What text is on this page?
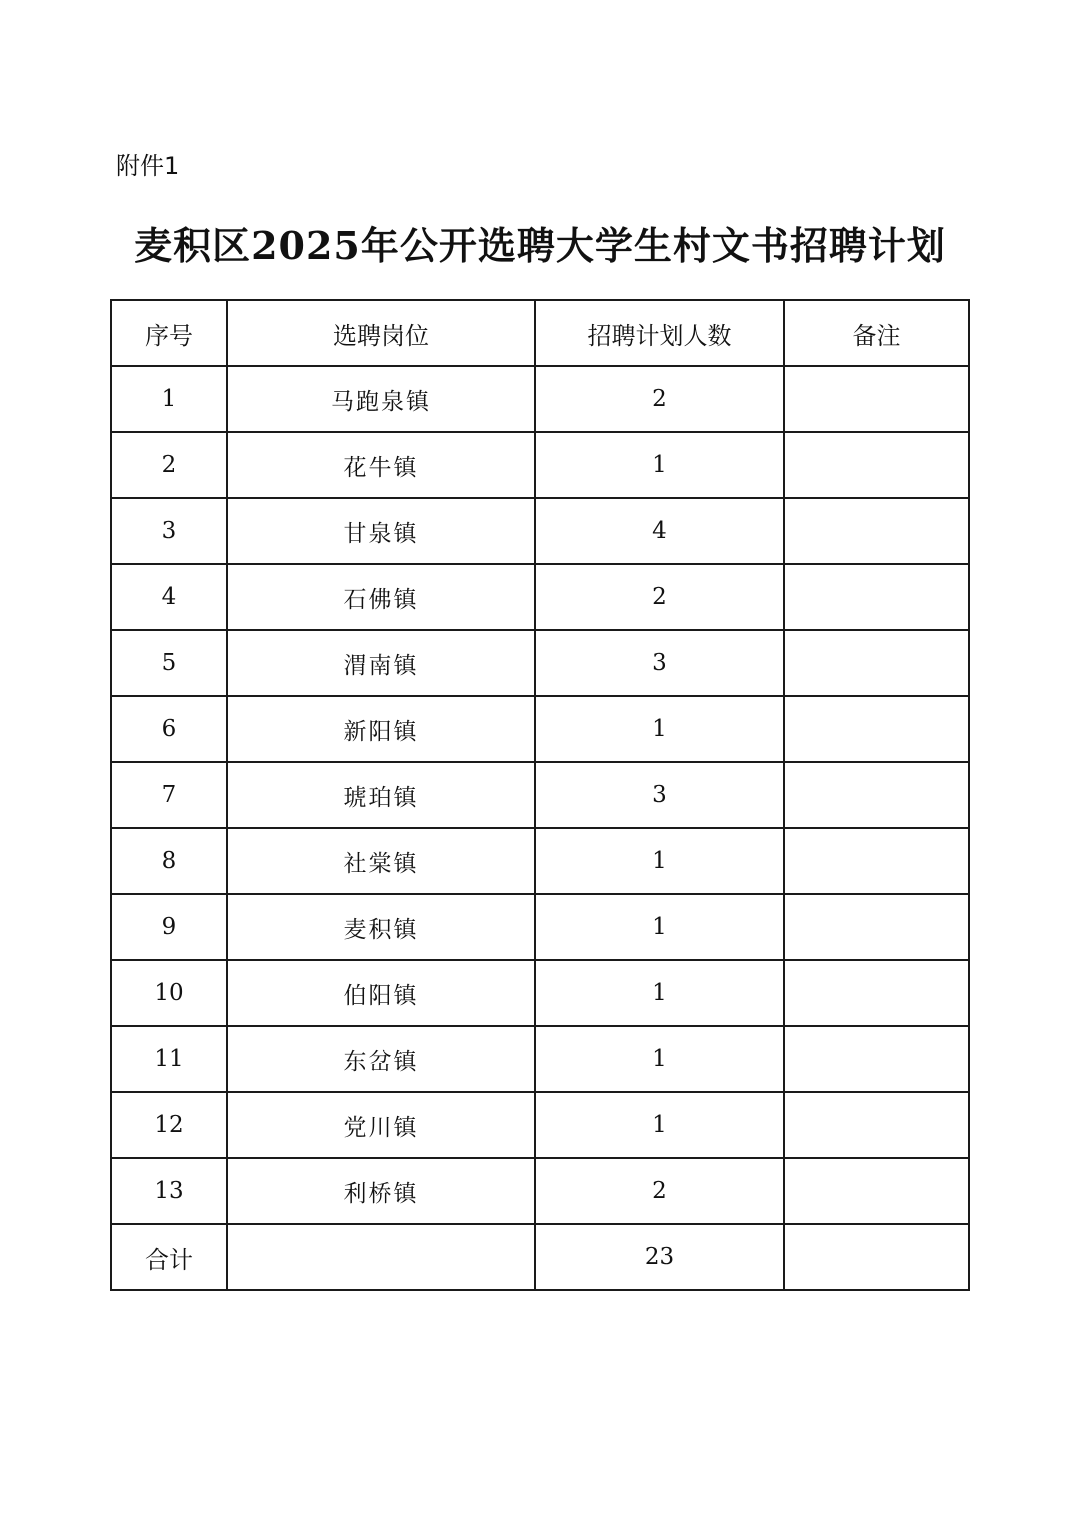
附件1
麦积区2025年公开选聘大学生村文书招聘计划
序号	选聘岗位	招聘计划人数	备注
1	马跑泉镇	2	
2	花牛镇	1	
3	甘泉镇	4	
4	石佛镇	2	
5	渭南镇	3	
6	新阳镇	1	
7	琥珀镇	3	
8	社棠镇	1	
9	麦积镇	1	
10	伯阳镇	1	
11	东岔镇	1	
12	党川镇	1	
13	利桥镇	2	
合计		23	
